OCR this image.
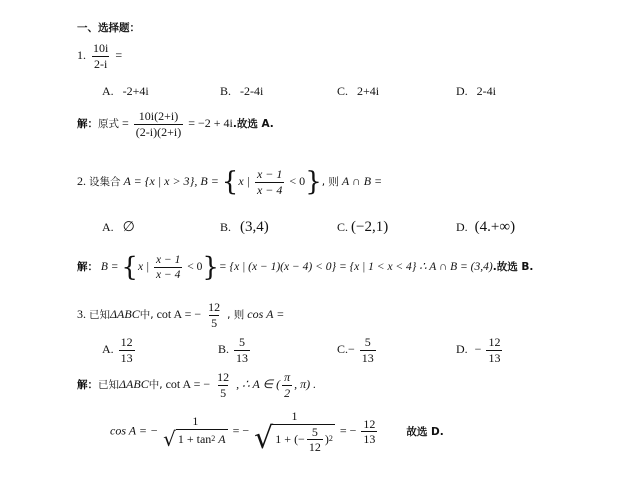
一、选择题：
1. $\frac{10i}{2-i}$ =
A. -2+4i	B. -2-4i	C. 2+4i	D. 2-4i
解：原式 = $\frac{10i(2+i)}{(2-i)(2+i)} = -2 + 4i$.故选 A.
2. 设集合 A = {x | x > 3}, B = {x | $\frac{x - 1}{x - 4} < 0$}, 则 A ∩ B =
A. ∅	B. (3,4)	C. (−2,1)	D. (4.+∞)
解： B = {x | $\frac{x - 1}{x - 4} < 0\}= \{x$ | (x − 1)(x − 4) < 0} = {x | 1 < x < 4} ∴ A ∩ B = (3,4).故选 B.
3. 已知ΔABC中, cot A = − $\frac{12}{5}$ , 则 cos A =
A. $\frac{12}{13}$	B. $\frac{5}{13}$	$C.- \frac{5}{13}$	D. − $\frac{12}{13}$
解：已知ΔABC中, cot A = − $\frac{12}{5}$ , ∴ A ∈ ( $\frac{\pi}{2}$ , π) .
cos A = −
1
√ 1 + tan 2
A
= −
1
√ 1 + (− $\frac{5}{12}$ ) 2
= − $\frac{12}{13}$	故选 D.
